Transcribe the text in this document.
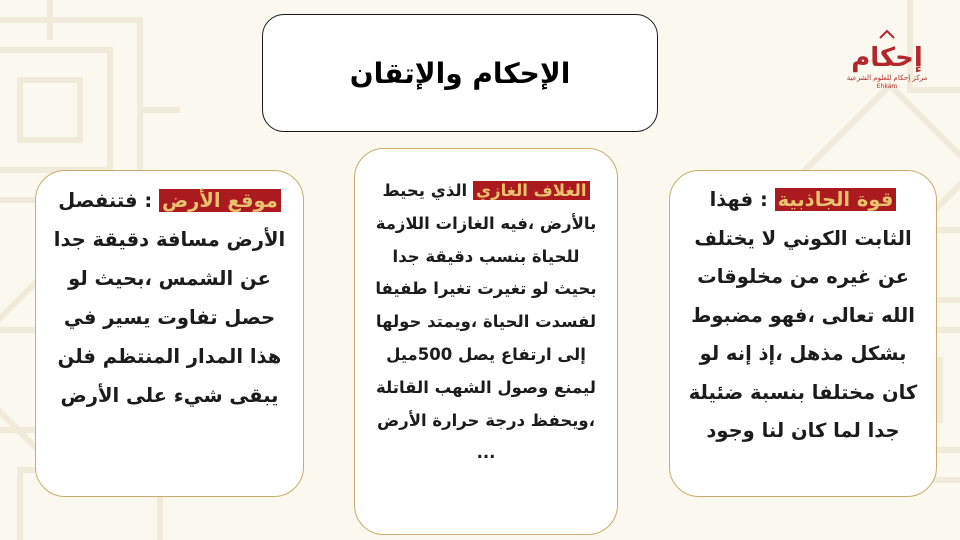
الإحكام والإتقان	إحكام
مركز إحكام للعلوم الشرعية
Ehkam
قوة الجاذبية : فهذا الثابت الكوني لا يختلف عن غيره من مخلوقات الله تعالى ،فهو مضبوط بشكل مذهل ،إذ إنه لو كان مختلفا بنسبة ضئيلة جدا لما كان لنا وجود
الغلاف الغازي الذي يحيط بالأرض ،فيه الغازات اللازمة للحياة بنسب دقيقة جدا بحيث لو تغيرت تغيرا طفيفا لفسدت الحياة ،ويمتد حولها إلى ارتفاع يصل 500ميل ليمنع وصول الشهب القاتلة ،ويحفظ درجة حرارة الأرض ...
موقع الأرض : فتنفصل الأرض مسافة دقيقة جدا عن الشمس ،بحيث لو حصل تفاوت يسير في هذا المدار المنتظم فلن يبقى شيء على الأرض
